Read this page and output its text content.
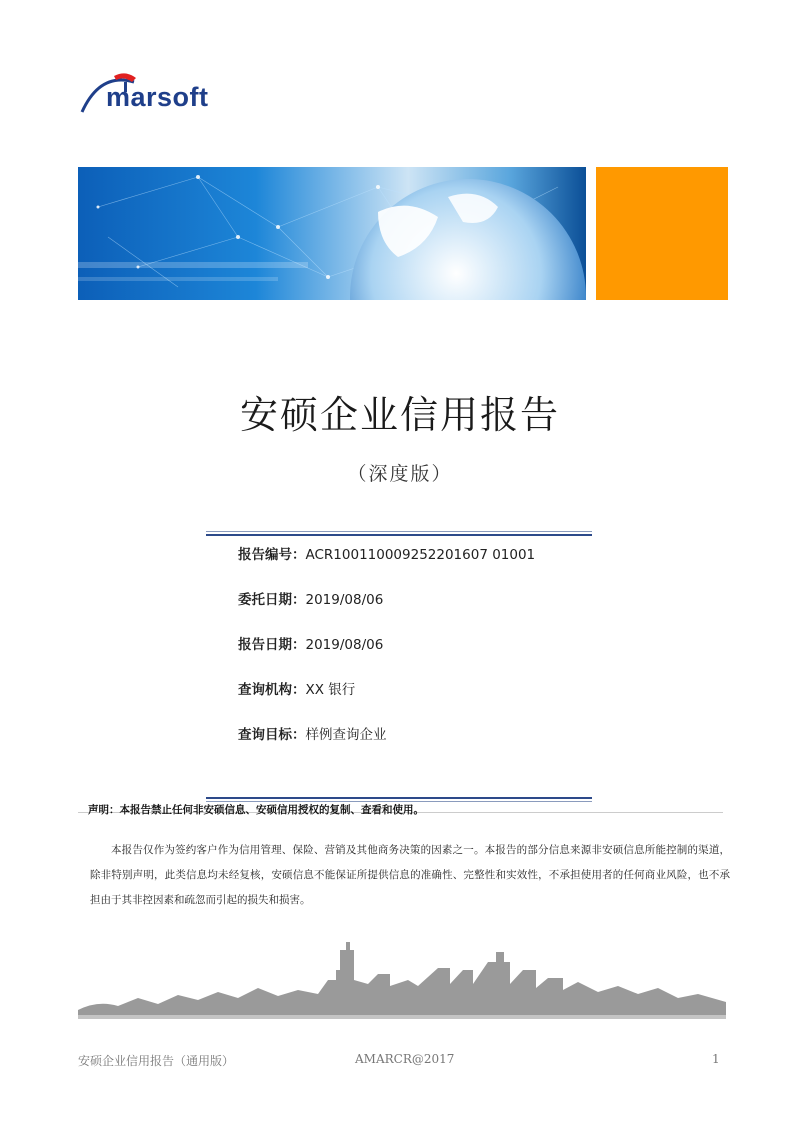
marsoft
安硕企业信用报告
（深度版）
报告编号：ACR100110009252201607 01001
委托日期：2019/08/06
报告日期：2019/08/06
查询机构：XX 银行
查询目标：样例查询企业
声明：本报告禁止任何非安硕信息、安硕信用授权的复制、查看和使用。
本报告仅作为签约客户作为信用管理、保险、营销及其他商务决策的因素之一。本报告的部分信息来源非安硕信息所能控制的渠道，除非特别声明，此类信息均未经复核，安硕信息不能保证所提供信息的准确性、完整性和实效性，不承担使用者的任何商业风险，也不承担由于其非控因素和疏忽而引起的损失和损害。
安硕企业信用报告（通用版）	AMARCR@2017	1
